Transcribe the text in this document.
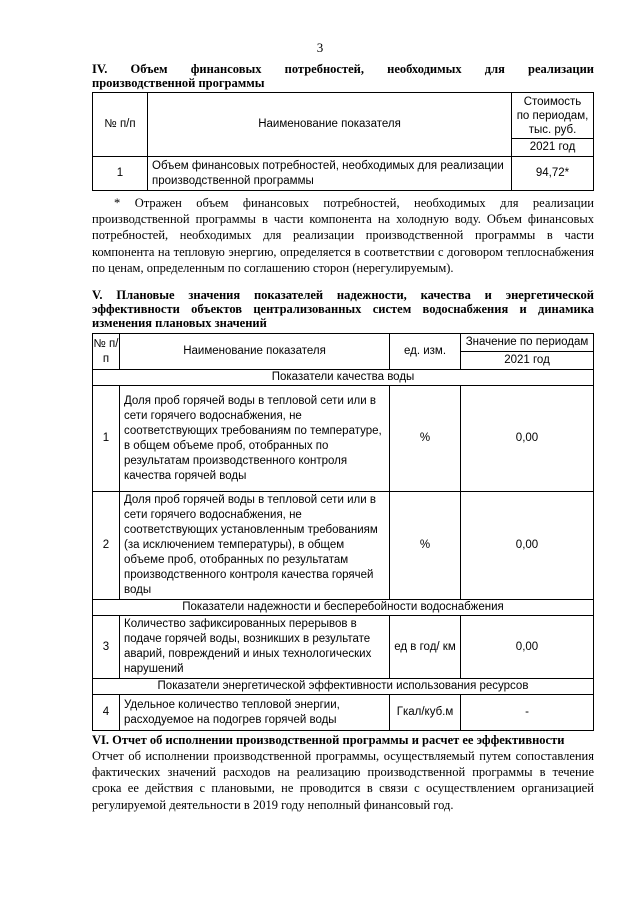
3
IV. Объем финансовых потребностей, необходимых для реализации
производственной программы
№ п/п	Наименование показателя	Стоимость по периодам, тыс. руб.
		2021 год
1	Объем финансовых потребностей, необходимых для реализации производственной программы	94,72*
* Отражен объем финансовых потребностей, необходимых для реализации производственной программы в части компонента на холодную воду. Объем финансовых потребностей, необходимых для реализации производственной программы в части компонента на тепловую энергию, определяется в соответствии с договором теплоснабжения по ценам, определенным по соглашению сторон (нерегулируемым).
V. Плановые значения показателей надежности, качества и энергетической эффективности объектов централизованных систем водоснабжения и динамика изменения плановых значений
№ п/п	Наименование показателя	ед. изм.	Значение по периодам
			2021 год
Показатели качества воды			
1	Доля проб горячей воды в тепловой сети или в сети горячего водоснабжения, не соответствующих требованиям по температуре, в общем объеме проб, отобранных по результатам производственного контроля качества горячей воды	%	0,00
2	Доля проб горячей воды в тепловой сети или в сети горячего водоснабжения, не соответствующих установленным требованиям (за исключением температуры), в общем объеме проб, отобранных по результатам производственного контроля качества горячей воды	%	0,00
Показатели надежности и бесперебойности водоснабжения			
3	Количество зафиксированных перерывов в подаче горячей воды, возникших в результате аварий, повреждений и иных технологических нарушений	ед в год/ км	0,00
Показатели энергетической эффективности использования ресурсов			
4	Удельное количество тепловой энергии, расходуемое на подогрев горячей воды	Гкал/куб.м	-
VI. Отчет об исполнении производственной программы и расчет ее эффективности
Отчет об исполнении производственной программы, осуществляемый путем сопоставления фактических значений расходов на реализацию производственной программы в течение срока ее действия с плановыми, не проводится в связи с осуществлением организацией регулируемой деятельности в 2019 году неполный финансовый год.
